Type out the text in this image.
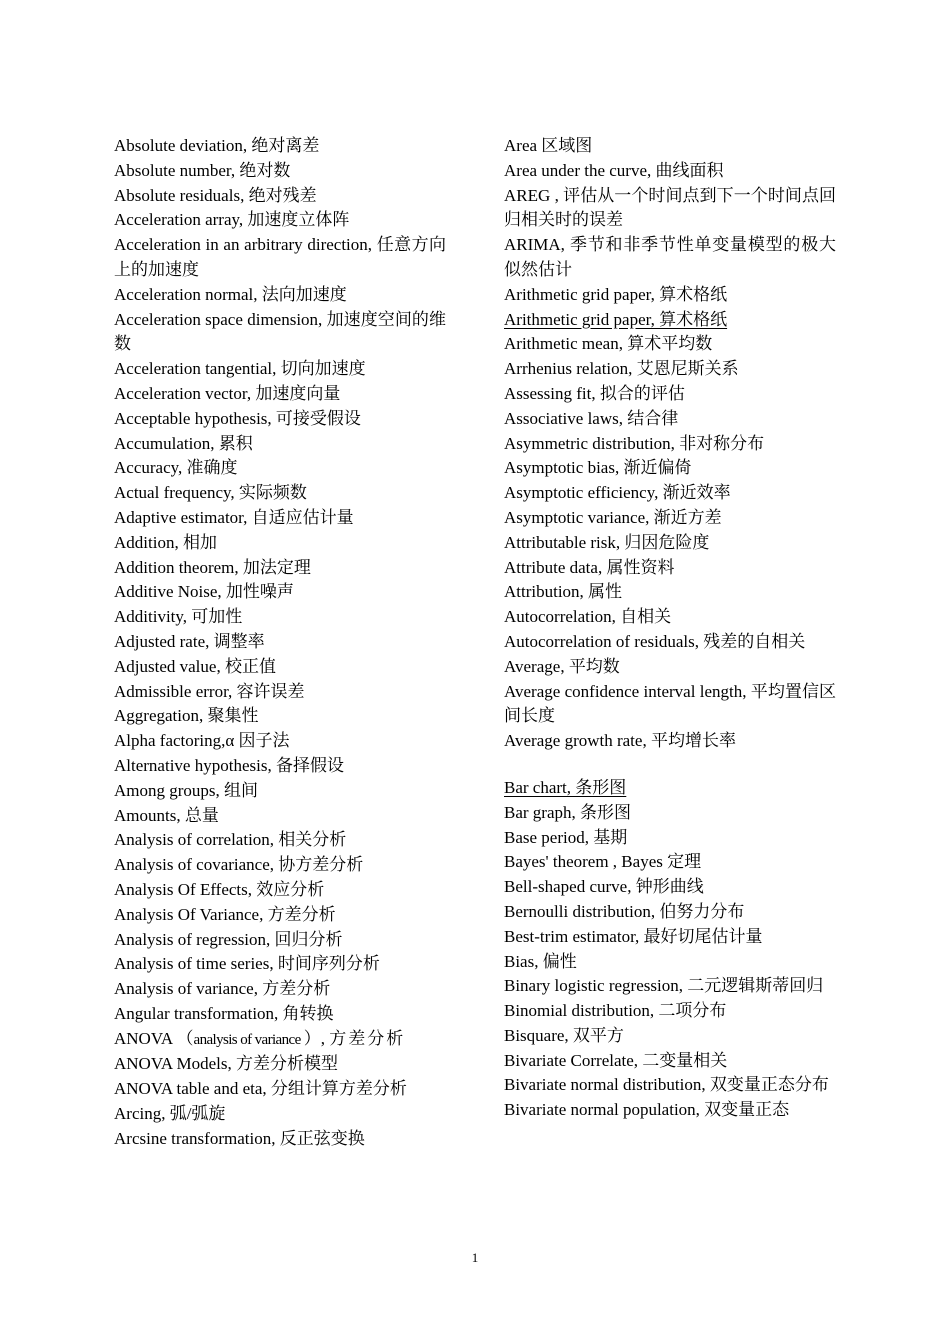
Absolute deviation, 绝对离差
Absolute number, 绝对数
Absolute residuals, 绝对残差
Acceleration array, 加速度立体阵
Acceleration in an arbitrary direction, 任意方向上的加速度
Acceleration normal, 法向加速度
Acceleration space dimension, 加速度空间的维数
Acceleration tangential, 切向加速度
Acceleration vector, 加速度向量
Acceptable hypothesis, 可接受假设
Accumulation, 累积
Accuracy, 准确度
Actual frequency, 实际频数
Adaptive estimator, 自适应估计量
Addition, 相加
Addition theorem, 加法定理
Additive Noise, 加性噪声
Additivity, 可加性
Adjusted rate, 调整率
Adjusted value, 校正值
Admissible error, 容许误差
Aggregation, 聚集性
Alpha factoring,α 因子法
Alternative hypothesis, 备择假设
Among groups, 组间
Amounts, 总量
Analysis of correlation, 相关分析
Analysis of covariance, 协方差分析
Analysis Of Effects, 效应分析
Analysis Of Variance, 方差分析
Analysis of regression, 回归分析
Analysis of time series, 时间序列分析
Analysis of variance, 方差分析
Angular transformation, 角转换
ANOVA （analysis of variance ）, 方差分析
ANOVA Models, 方差分析模型
ANOVA table and eta, 分组计算方差分析
Arcing, 弧/弧旋
Arcsine transformation, 反正弦变换
Area 区域图
Area under the curve, 曲线面积
AREG , 评估从一个时间点到下一个时间点回归相关时的误差
ARIMA, 季节和非季节性单变量模型的极大似然估计
Arithmetic grid paper, 算术格纸
Arithmetic grid paper, 算术格纸
Arithmetic mean, 算术平均数
Arrhenius relation, 艾恩尼斯关系
Assessing fit, 拟合的评估
Associative laws, 结合律
Asymmetric distribution, 非对称分布
Asymptotic bias, 渐近偏倚
Asymptotic efficiency, 渐近效率
Asymptotic variance, 渐近方差
Attributable risk, 归因危险度
Attribute data, 属性资料
Attribution, 属性
Autocorrelation, 自相关
Autocorrelation of residuals, 残差的自相关
Average, 平均数
Average confidence interval length, 平均置信区间长度
Average growth rate, 平均增长率
Bar chart, 条形图
Bar graph, 条形图
Base period, 基期
Bayes' theorem , Bayes 定理
Bell-shaped curve, 钟形曲线
Bernoulli distribution, 伯努力分布
Best-trim estimator, 最好切尾估计量
Bias, 偏性
Binary logistic regression, 二元逻辑斯蒂回归
Binomial distribution, 二项分布
Bisquare, 双平方
Bivariate Correlate, 二变量相关
Bivariate normal distribution, 双变量正态分布
Bivariate normal population, 双变量正态
1
